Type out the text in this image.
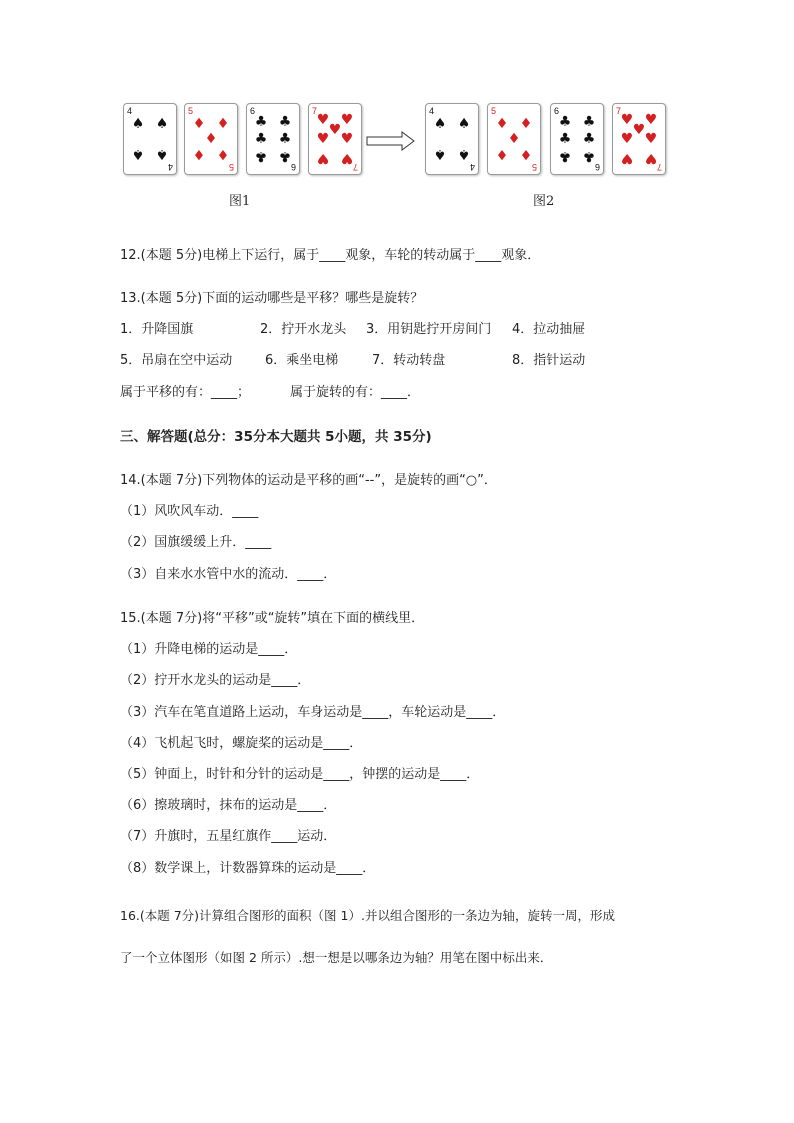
4
4
♠ ♠
♠ ♠
5
5
♦ ♦
♦
♦ ♦
6
6
♣ ♣
♣ ♣
♣ ♣
7
7
♥ ♥
♥
♥ ♥
♥ ♥
图1
4
4
♠ ♠
♠ ♠
5
5
♦ ♦
♦
♦ ♦
6
6
♣ ♣
♣ ♣
♣ ♣
7
7
♥ ♥
♥
♥ ♥
♥ ♥
图2
12.(本题 5分)电梯上下运行，属于____观象，车轮的转动属于____观象．
13.(本题 5分)下面的运动哪些是平移？哪些是旋转？
1．升降国旗	2．拧开水龙头 3．用钥匙拧开房间门 4．拉动抽屉
5．吊扇在空中运动	6．乘坐电梯	7．转动转盘	8．指针运动
属于平移的有：____；	属于旋转的有：____．
三、解答题(总分：35分本大题共 5小题，共 35分)
14.(本题 7分)下列物体的运动是平移的画“--”，是旋转的画“○”．
（1）风吹风车动．____
（2）国旗缓缓上升．____
（3）自来水水管中水的流动．____．
15.(本题 7分)将“平移”或“旋转”填在下面的横线里．
（1）升降电梯的运动是____．
（2）拧开水龙头的运动是____．
（3）汽车在笔直道路上运动，车身运动是____，车轮运动是____．
（4）飞机起飞时，螺旋桨的运动是____．
（5）钟面上，时针和分针的运动是____，钟摆的运动是____．
（6）擦玻璃时，抹布的运动是____．
（7）升旗时，五星红旗作____运动．
（8）数学课上，计数器算珠的运动是____．
16.(本题 7分)计算组合图形的面积（图 1）.并以组合图形的一条边为轴，旋转一周，形成
了一个立体图形（如图 2 所示）.想一想是以哪条边为轴？用笔在图中标出来．
